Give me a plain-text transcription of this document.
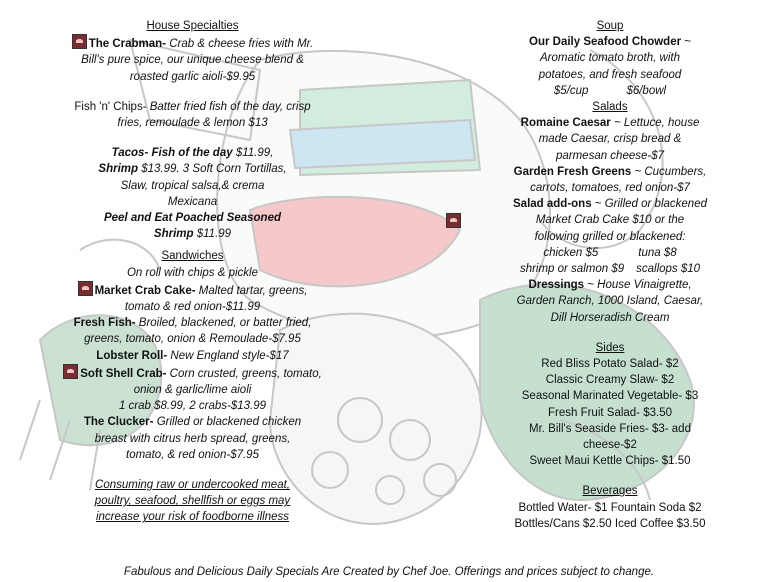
House Specialties
The Crabman- Crab & cheese fries with Mr.
Bill's pure spice, our unique cheese blend &
roasted garlic aioli-$9.95
Fish 'n' Chips- Batter fried fish of the day, crisp
fries, remoulade & lemon $13
Tacos- Fish of the day $11.99,
Shrimp $13.99. 3 Soft Corn Tortillas,
Slaw, tropical salsa,& crema
Mexicana
Peel and Eat Poached Seasoned
Shrimp $11.99
Sandwiches
On roll with chips & pickle
Market Crab Cake- Malted tartar, greens,
tomato & red onion-$11.99
Fresh Fish- Broiled, blackened, or batter fried,
greens, tomato, onion & Remoulade-$7.95
Lobster Roll- New England style-$17
Soft Shell Crab- Corn crusted, greens, tomato,
onion & garlic/lime aioli
1 crab $8.99, 2 crabs-$13.99
The Clucker- Grilled or blackened chicken
breast with citrus herb spread, greens,
tomato, & red onion-$7.95
Consuming raw or undercooked meat,
poultry, seafood, shellfish or eggs may
increase your risk of foodborne illness
Soup
Our Daily Seafood Chowder ~
Aromatic tomato broth, with
potatoes, and fresh seafood
$5/cup	$6/bowl
Salads
Romaine Caesar ~ Lettuce, house
made Caesar, crisp bread &
parmesan cheese-$7
Garden Fresh Greens ~ Cucumbers,
carrots, tomatoes, red onion-$7
Salad add-ons ~ Grilled or blackened
Market Crab Cake $10 or the
following grilled or blackened:
chicken $5	tuna $8
shrimp or salmon $9 scallops $10
Dressings ~ House Vinaigrette,
Garden Ranch, 1000 Island, Caesar,
Dill Horseradish Cream
Sides
Red Bliss Potato Salad- $2
Classic Creamy Slaw- $2
Seasonal Marinated Vegetable- $3
Fresh Fruit Salad- $3.50
Mr. Bill's Seaside Fries- $3- add
cheese-$2
Sweet Maui Kettle Chips- $1.50
Beverages
Bottled Water- $1 Fountain Soda $2
Bottles/Cans $2.50 Iced Coffee $3.50
Fabulous and Delicious Daily Specials Are Created by Chef Joe. Offerings and prices subject to change.
